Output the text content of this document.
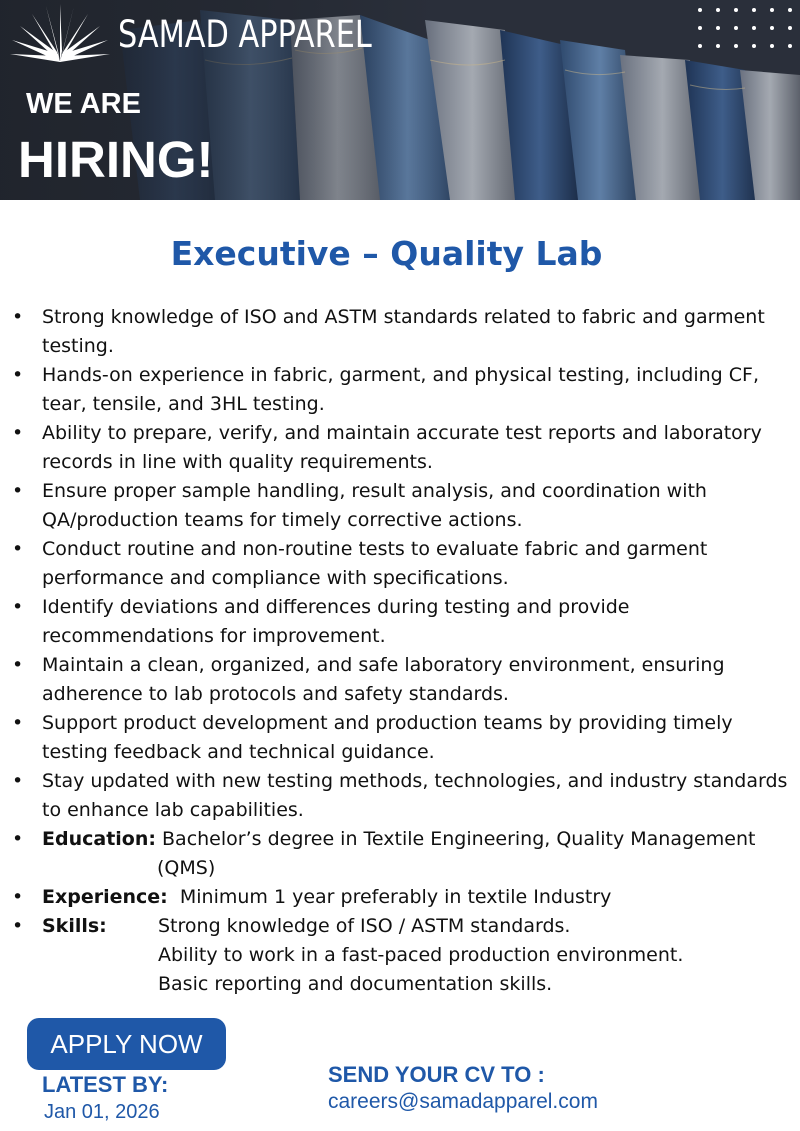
SAMAD APPAREL
WE ARE
HIRING!
Executive – Quality Lab
• Strong knowledge of ISO and ASTM standards related to fabric and garment testing.
• Hands-on experience in fabric, garment, and physical testing, including CF, tear, tensile, and 3HL testing.
• Ability to prepare, verify, and maintain accurate test reports and laboratory records in line with quality requirements.
• Ensure proper sample handling, result analysis, and coordination with QA/production teams for timely corrective actions.
• Conduct routine and non-routine tests to evaluate fabric and garment performance and compliance with specifications.
• Identify deviations and differences during testing and provide recommendations for improvement.
• Maintain a clean, organized, and safe laboratory environment, ensuring adherence to lab protocols and safety standards.
• Support product development and production teams by providing timely testing feedback and technical guidance.
• Stay updated with new testing methods, technologies, and industry standards to enhance lab capabilities.
• Education: Bachelor’s degree in Textile Engineering, Quality Management
(QMS)
• Experience: Minimum 1 year preferably in textile Industry
• Skills:	Strong knowledge of ISO / ASTM standards.
Ability to work in a fast-paced production environment.
Basic reporting and documentation skills.
APPLY NOW
LATEST BY:
Jan 01, 2026
SEND YOUR CV TO :
careers@samadapparel.com
